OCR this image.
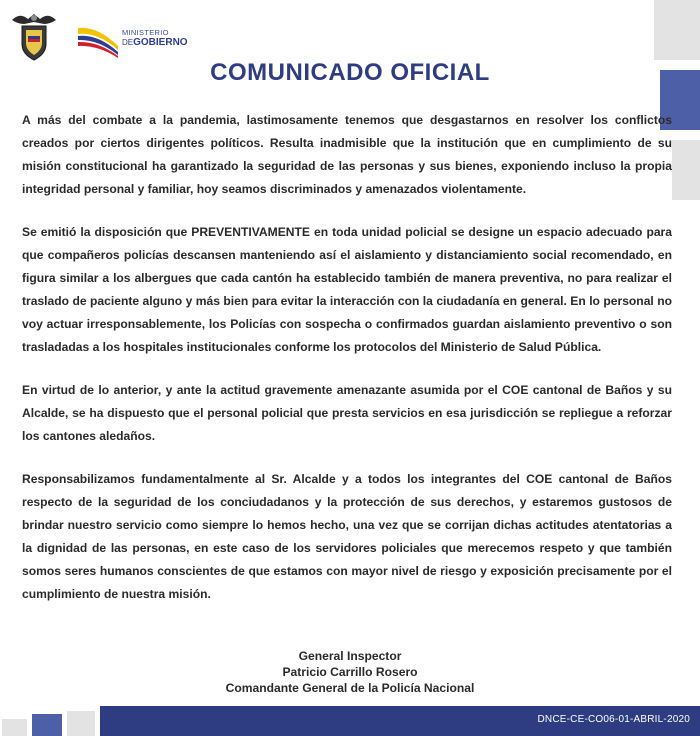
MINISTERIO
DEGOBIERNO
COMUNICADO OFICIAL

A más del combate a la pandemia, lastimosamente tenemos que desgastarnos en resolver los conflictos creados por ciertos dirigentes políticos. Resulta inadmisible que la institución que en cumplimiento de su misión constitucional ha garantizado la seguridad de las personas y sus bienes, exponiendo incluso la propia integridad personal y familiar, hoy seamos discriminados y amenazados violentamente.

Se emitió la disposición que PREVENTIVAMENTE en toda unidad policial se designe un espacio adecuado para que compañeros policías descansen manteniendo así el aislamiento y distanciamiento social recomendado, en figura similar a los albergues que cada cantón ha establecido también de manera preventiva, no para realizar el traslado de paciente alguno y más bien para evitar la interacción con la ciudadanía en general. En lo personal no voy actuar irresponsablemente, los Policías con sospecha o confirmados guardan aislamiento preventivo o son trasladadas a los hospitales institucionales conforme los protocolos del Ministerio de Salud Pública.

En virtud de lo anterior, y ante la actitud gravemente amenazante asumida por el COE cantonal de Baños y su Alcalde, se ha dispuesto que el personal policial que presta servicios en esa jurisdicción se repliegue a reforzar los cantones aledaños.

Responsabilizamos fundamentalmente al Sr. Alcalde y a todos los integrantes del COE cantonal de Baños respecto de la seguridad de los conciudadanos y la protección de sus derechos, y estaremos gustosos de brindar nuestro servicio como siempre lo hemos hecho, una vez que se corrijan dichas actitudes atentatorias a la dignidad de las personas, en este caso de los servidores policiales que merecemos respeto y que también somos seres humanos conscientes de que estamos con mayor nivel de riesgo y exposición precisamente por el cumplimiento de nuestra misión.

General Inspector
Patricio Carrillo Rosero
Comandante General de la Policía Nacional
DNCE-CE-CO06-01-ABRIL-2020
